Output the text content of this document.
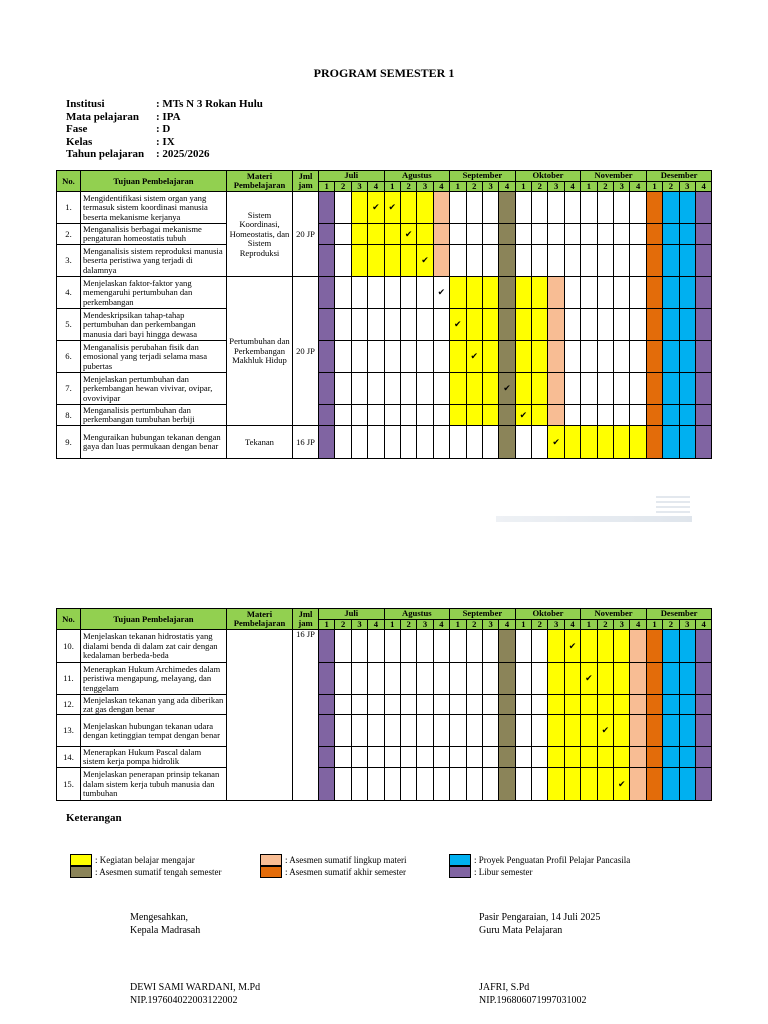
PROGRAM SEMESTER 1
Institusi	: MTs N 3 Rokan Hulu
Mata pelajaran	: IPA
Fase	: D
Kelas	: IX
Tahun pelajaran	: 2025/2026
No.	Tujuan Pembelajaran	Materi Pembelajaran	Jml jam	Juli				Agustus				September				Oktober				November				Desember			
				1	2	3	4	1	2	3	4	1	2	3	4	1	2	3	4	1	2	3	4	1	2	3	4
1.	Mengidentifikasi sistem organ yang termasuk sistem koordinasi manusia beserta mekanisme kerjanya	Sistem Koordinasi, Homeostatis, dan Sistem Reproduksi	20 JP				✔	✔																			
2.	Menganalisis berbagai mekanisme pengaturan homeostatis tubuh								✔																		
3.	Menganalisis sistem reproduksi manusia beserta peristiwa yang terjadi di dalamnya									✔																	
4.	Menjelaskan faktor-faktor yang memengaruhi pertumbuhan dan perkembangan	Pertumbuhan dan Perkembangan Makhluk Hidup	20 JP								✔																
5.	Mendeskripsikan tahap-tahap pertumbuhan dan perkembangan manusia dari bayi hingga dewasa											✔															
6.	Menganalisis perubahan fisik dan emosional yang terjadi selama masa pubertas												✔														
7.	Menjelaskan pertumbuhan dan perkembangan hewan vivivar, ovipar, ovovivipar														✔												
8.	Menganalisis pertumbuhan dan perkembangan tumbuhan berbiji															✔											
9.	Menguraikan hubungan tekanan dengan gaya dan luas permukaan dengan benar	Tekanan	16 JP															✔									
No.	Tujuan Pembelajaran	Materi Pembelajaran	Jml jam	Juli				Agustus				September				Oktober				November				Desember			
				1	2	3	4	1	2	3	4	1	2	3	4	1	2	3	4	1	2	3	4	1	2	3	4
10.	Menjelaskan tekanan hidrostatis yang dialami benda di dalam zat cair dengan kedalaman berbeda-beda		16 JP																✔								
11.	Menerapkan Hukum Archimedes dalam peristiwa mengapung, melayang, dan tenggelam																			✔							
12.	Menjelaskan tekanan yang ada diberikan zat gas dengan benar																										
13.	Menjelaskan hubungan tekanan udara dengan ketinggian tempat dengan benar																				✔						
14.	Menerapkan Hukum Pascal dalam sistem kerja pompa hidrolik																										
15.	Menjelaskan penerapan prinsip tekanan dalam sistem kerja tubuh manusia dan tumbuhan																					✔					
Keterangan
: Kegiatan belajar mengajar
: Asesmen sumatif tengah semester
: Asesmen sumatif lingkup materi
: Asesmen sumatif akhir semester
: Proyek Penguatan Profil Pelajar Pancasila
: Libur semester
Mengesahkan,
Kepala Madrasah
DEWI SAMI WARDANI, M.Pd
NIP.197604022003122002
Pasir Pengaraian, 14 Juli 2025
Guru Mata Pelajaran
JAFRI, S.Pd
NIP.196806071997031002
